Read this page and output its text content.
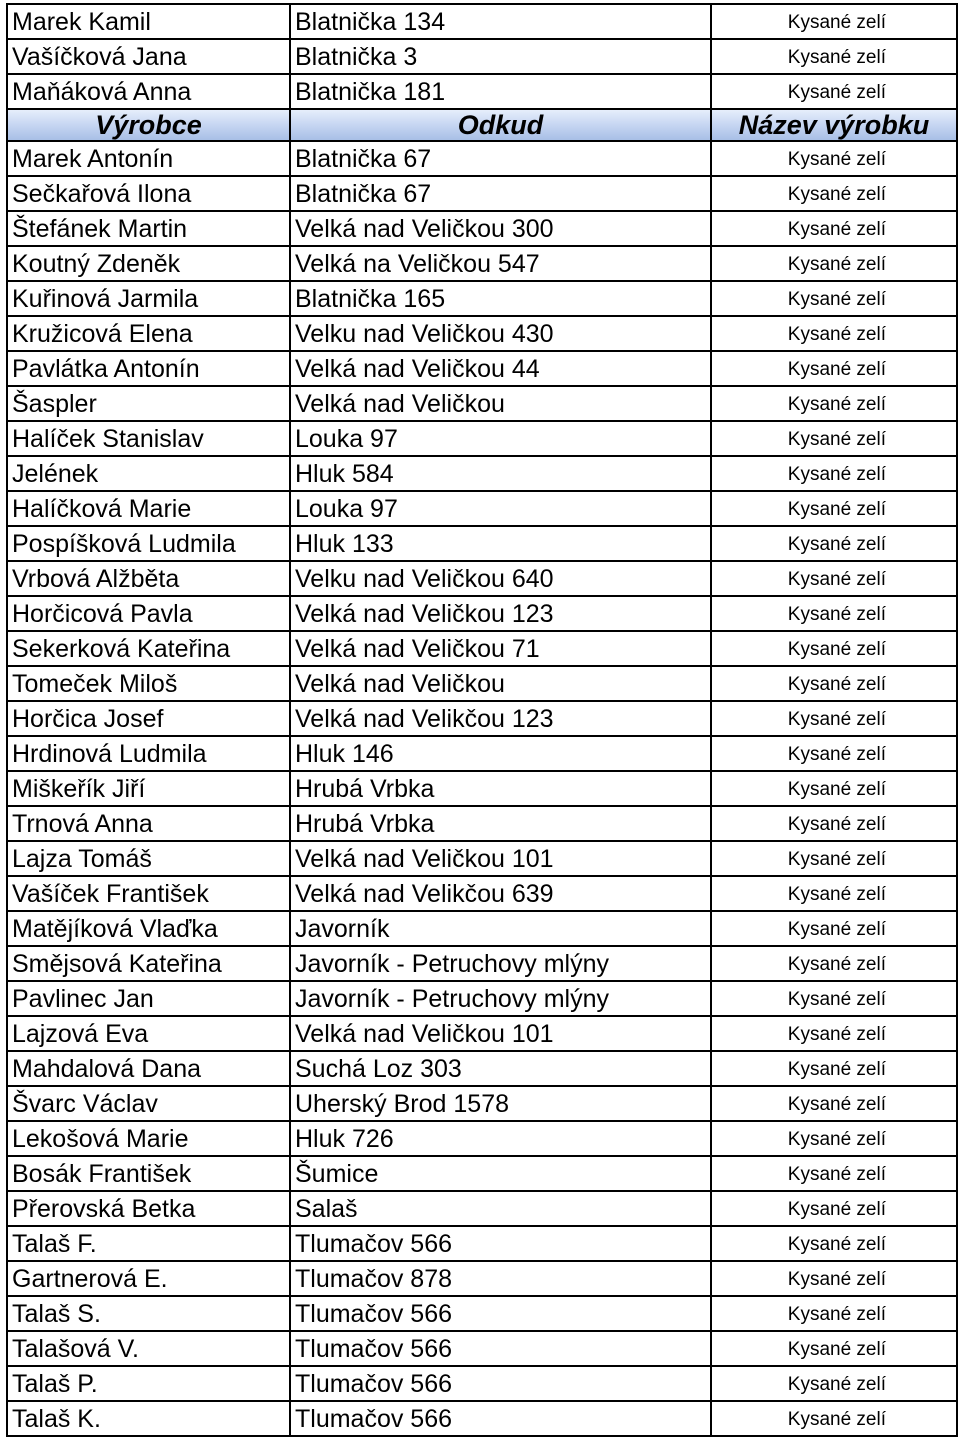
Marek Kamil	Blatnička 134	Kysané zelí
Vašíčková Jana	Blatnička 3	Kysané zelí
Maňáková Anna	Blatnička 181	Kysané zelí
Výrobce	Odkud	Název výrobku
Marek Antonín	Blatnička 67	Kysané zelí
Sečkařová Ilona	Blatnička 67	Kysané zelí
Štefánek Martin	Velká nad Veličkou 300	Kysané zelí
Koutný Zdeněk	Velká na Veličkou 547	Kysané zelí
Kuřinová Jarmila	Blatnička 165	Kysané zelí
Kružicová Elena	Velku nad Veličkou 430	Kysané zelí
Pavlátka Antonín	Velká nad Veličkou 44	Kysané zelí
Šaspler	Velká nad Veličkou	Kysané zelí
Halíček Stanislav	Louka 97	Kysané zelí
Jelének	Hluk 584	Kysané zelí
Halíčková Marie	Louka 97	Kysané zelí
Pospíšková Ludmila	Hluk 133	Kysané zelí
Vrbová Alžběta	Velku nad Veličkou 640	Kysané zelí
Horčicová Pavla	Velká nad Veličkou 123	Kysané zelí
Sekerková Kateřina	Velká nad Veličkou 71	Kysané zelí
Tomeček Miloš	Velká nad Veličkou	Kysané zelí
Horčica Josef	Velká nad Velikčou 123	Kysané zelí
Hrdinová Ludmila	Hluk 146	Kysané zelí
Miškeřík Jiří	Hrubá Vrbka	Kysané zelí
Trnová Anna	Hrubá Vrbka	Kysané zelí
Lajza Tomáš	Velká nad Veličkou 101	Kysané zelí
Vašíček František	Velká nad Velikčou 639	Kysané zelí
Matějíková Vlaďka	Javorník	Kysané zelí
Smějsová Kateřina	Javorník - Petruchovy mlýny	Kysané zelí
Pavlinec Jan	Javorník - Petruchovy mlýny	Kysané zelí
Lajzová Eva	Velká nad Veličkou 101	Kysané zelí
Mahdalová Dana	Suchá Loz 303	Kysané zelí
Švarc Václav	Uherský Brod 1578	Kysané zelí
Lekošová Marie	Hluk 726	Kysané zelí
Bosák František	Šumice	Kysané zelí
Přerovská Betka	Salaš	Kysané zelí
Talaš F.	Tlumačov 566	Kysané zelí
Gartnerová E.	Tlumačov 878	Kysané zelí
Talaš S.	Tlumačov 566	Kysané zelí
Talašová V.	Tlumačov 566	Kysané zelí
Talaš P.	Tlumačov 566	Kysané zelí
Talaš K.	Tlumačov 566	Kysané zelí
